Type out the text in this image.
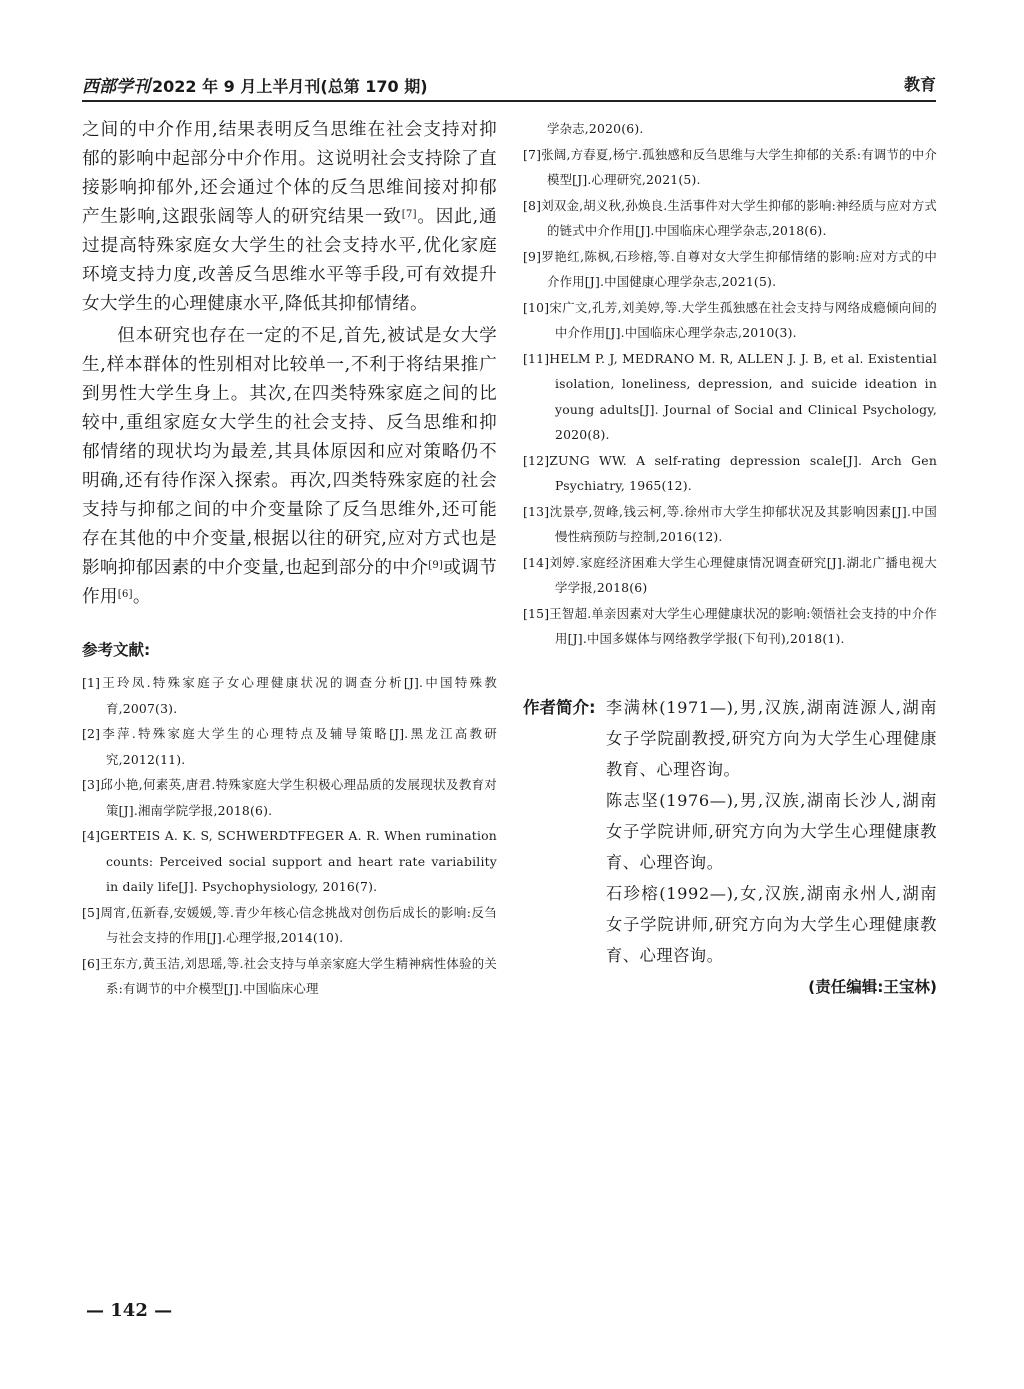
西部学刊 2022 年 9 月上半月刊(总第 170 期)	教育

之间的中介作用,结果表明反刍思维在社会支持对抑郁的影响中起部分中介作用。这说明社会支持除了直接影响抑郁外,还会通过个体的反刍思维间接对抑郁产生影响,这跟张阔等人的研究结果一致[7]。因此,通过提高特殊家庭女大学生的社会支持水平,优化家庭环境支持力度,改善反刍思维水平等手段,可有效提升女大学生的心理健康水平,降低其抑郁情绪。

但本研究也存在一定的不足,首先,被试是女大学生,样本群体的性别相对比较单一,不利于将结果推广到男性大学生身上。其次,在四类特殊家庭之间的比较中,重组家庭女大学生的社会支持、反刍思维和抑郁情绪的现状均为最差,其具体原因和应对策略仍不明确,还有待作深入探索。再次,四类特殊家庭的社会支持与抑郁之间的中介变量除了反刍思维外,还可能存在其他的中介变量,根据以往的研究,应对方式也是影响抑郁因素的中介变量,也起到部分的中介[9]或调节作用[6]。

参考文献:
[1]王玲凤.特殊家庭子女心理健康状况的调查分析[J].中国特殊教育,2007(3).
[2]李萍.特殊家庭大学生的心理特点及辅导策略[J].黑龙江高教研究,2012(11).
[3]邱小艳,何素英,唐君.特殊家庭大学生积极心理品质的发展现状及教育对策[J].湘南学院学报,2018(6).
[4]GERTEIS A. K. S, SCHWERDTFEGER A. R. When rumination counts: Perceived social support and heart rate variability in daily life[J]. Psychophysiology, 2016(7).
[5]周宵,伍新春,安媛媛,等.青少年核心信念挑战对创伤后成长的影响:反刍与社会支持的作用[J].心理学报,2014(10).
[6]王东方,黄玉洁,刘思瑶,等.社会支持与单亲家庭大学生精神病性体验的关系:有调节的中介模型[J].中国临床心理
学杂志,2020(6).
[7]张阔,方春夏,杨宁.孤独感和反刍思维与大学生抑郁的关系:有调节的中介模型[J].心理研究,2021(5).
[8]刘双金,胡义秋,孙焕良.生活事件对大学生抑郁的影响:神经质与应对方式的链式中介作用[J].中国临床心理学杂志,2018(6).
[9]罗艳红,陈枫,石珍榕,等.自尊对女大学生抑郁情绪的影响:应对方式的中介作用[J].中国健康心理学杂志,2021(5).
[10]宋广文,孔芳,刘美婷,等.大学生孤独感在社会支持与网络成瘾倾向间的中介作用[J].中国临床心理学杂志,2010(3).
[11]HELM P. J, MEDRANO M. R, ALLEN J. J. B, et al. Existential isolation, loneliness, depression, and suicide ideation in young adults[J]. Journal of Social and Clinical Psychology, 2020(8).
[12]ZUNG WW. A self-rating depression scale[J]. Arch Gen Psychiatry, 1965(12).
[13]沈景亭,贺峰,钱云柯,等.徐州市大学生抑郁状况及其影响因素[J].中国慢性病预防与控制,2016(12).
[14]刘婷.家庭经济困难大学生心理健康情况调查研究[J].湖北广播电视大学学报,2018(6)
[15]王智超.单亲因素对大学生心理健康状况的影响:领悟社会支持的中介作用[J].中国多媒体与网络教学学报(下旬刊),2018(1).
作者简介: 李满林(1971—),男,汉族,湖南涟源人,湖南女子学院副教授,研究方向为大学生心理健康教育、心理咨询。

陈志坚(1976—),男,汉族,湖南长沙人,湖南女子学院讲师,研究方向为大学生心理健康教育、心理咨询。

石珍榕(1992—),女,汉族,湖南永州人,湖南女子学院讲师,研究方向为大学生心理健康教育、心理咨询。

(责任编辑:王宝林)
— 142 —
